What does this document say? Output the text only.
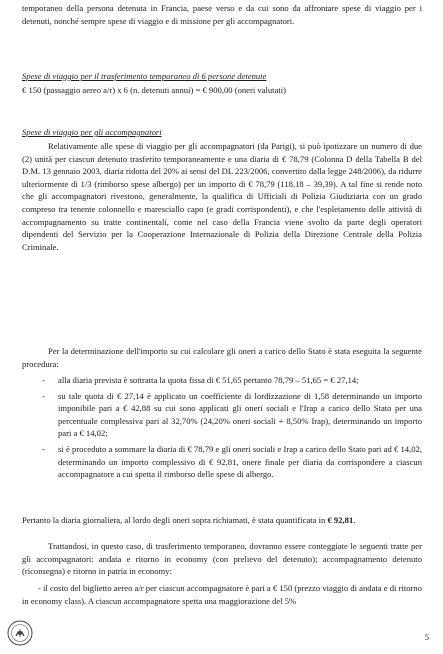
temporaneo della persona detenuta in Francia, paese verso e da cui sono da affrontare spese di viaggio per i detenuti, nonché sempre spese di viaggio e di missione per gli accompagnatori.

Spese di viaggio per il trasferimento temporaneo di 6 persone detenute

€ 150 (passaggio aereo a/r) x 6 (n. detenuti annui) = € 900,00 (oneri valutati)

Spese di viaggio per gli accompagnatori

Relativamente alle spese di viaggio per gli accompagnatori (da Parigi), si può ipotizzare un numero di due (2) unità per ciascun detenuto trasferito temporaneamente e una diaria di € 78,79 (Colonna D della Tabella B del D.M. 13 gennaio 2003, diaria ridotta del 20% ai sensi del DL 223/2006, convertito dalla legge 248/2006), da ridurre ulteriormente di 1/3 (rimborso spese albergo) per un importo di € 78,79 (118,18 – 39,39). A tal fine si rende noto che gli accompagnatori rivestono, generalmente, la qualifica di Ufficiali di Polizia Giudiziaria con un grado compreso tra tenente colonnello e maresciallo capo (e gradi corrispondenti), e che l'espletamento delle attività di accompagnamento su tratte continentali, come nel caso della Francia viene svolto da parte degli operatori dipendenti del Servizio per la Cooperazione Internazionale di Polizia della Direzione Centrale della Polizia Criminale.

Per la determinazione dell'importo su cui calcolare gli oneri a carico dello Stato è stata eseguita la seguente procedura:

- alla diaria prevista è sottratta la quota fissa di € 51,65 pertanto 78,79 – 51,65 = € 27,14;
- su tale quota di € 27,14 è applicato un coefficiente di lordizzazione di 1,58 determinando un importo imponibile pari a € 42,88 su cui sono applicati gli oneri sociali e l'Irap a carico dello Stato per una percentuale complessiva pari al 32,70% (24,20% oneri sociali + 8,50% Irap), determinando un importo pari a € 14,02;
- si è proceduto a sommare la diaria di € 78,79 e gli oneri sociali e Irap a carico dello Stato pari ad € 14,02, determinando un importo complessivo di € 92,81, onere finale per diaria da corrispondere a ciascun accompagnatore a cui spetta il rimborso delle spese di albergo.

Pertanto la diaria giornaliera, al lordo degli oneri sopra richiamati, è stata quantificata in € 92,81.

Trattandosi, in questo caso, di trasferimento temporaneo, dovranno essere conteggiate le seguenti tratte per gli accompagnatori: andata e ritorno in economy (con prelievo del detenuto); accompagnamento detenuto (riconsegna) e ritorno in patria in economy:

- il costo del biglietto aereo a/r per ciascun accompagnatore è pari a € 150 (prezzo viaggio di andata e di ritorno in economy class). A ciascun accompagnatore spetta una maggiorazione del 5%

5
